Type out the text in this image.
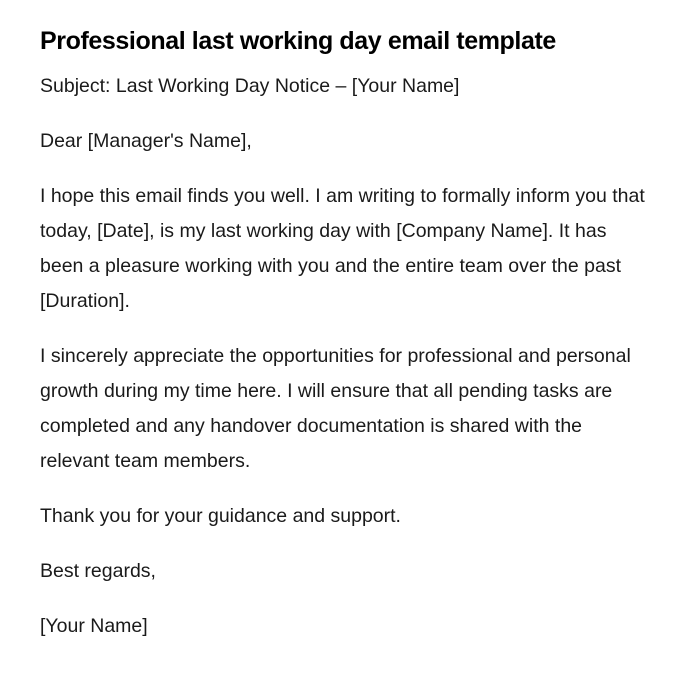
Professional last working day email template

Subject: Last Working Day Notice – [Your Name]

Dear [Manager's Name],

I hope this email finds you well. I am writing to formally inform you that today, [Date], is my last working day with [Company Name]. It has been a pleasure working with you and the entire team over the past [Duration].

I sincerely appreciate the opportunities for professional and personal growth during my time here. I will ensure that all pending tasks are completed and any handover documentation is shared with the relevant team members.

Thank you for your guidance and support.

Best regards,

[Your Name]
